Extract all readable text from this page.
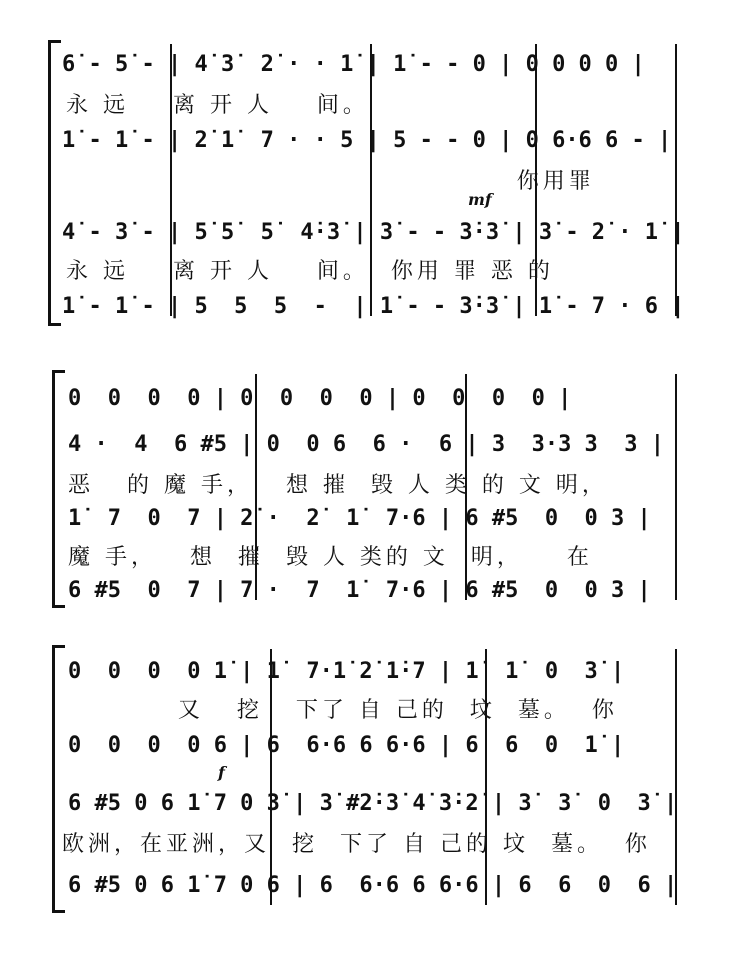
6̇ - 5̇ - | 4̇ 3̇  2̇ · · 1̇ | 1̇ - - 0 | 0 0 0 0 |
永 远    离 开 人    间。
1̇ - 1̇ - | 2̇ 1̇  7 · · 5 | 5 - - 0 | 0 6·6 6 - |
你用罪
mf
4̇ - 3̇ - | 5̇ 5̇  5̇  4̇·3̇ | 3̇ - - 3̇·3̇ | 3̇ - 2̇ · 1̇ |
永 远    离 开 人    间。  你用 罪 恶 的
1̇ - 1̇ - | 5  5  5  -  | 1̇ - - 3̇·3̇ | 1̇ - 7 · 6 |
0  0  0  0 | 0  0  0  0 | 0  0  0  0 |
4 ·  4  6 #5 | 0  0 6  6 ·  6 | 3  3·3 3  3 |
恶   的 魔 手，   想 摧  毁 人 类 的 文 明，
1̇  7  0  7 | 2̇ ·  2̇  1̇  7·6 | 6 #5  0  0 3 |
魔 手，   想  摧  毁 人 类的 文  明，    在
6 #5  0  7 | 7 ·  7  1̇  7·6 | 6 #5  0  0 3 |
0  0  0  0 1̇ | 1̇  7·1̇ 2̇ 1̇·7 | 1̇  1̇  0  3̇ |
又   挖   下了 自 己的  坟  墓。  你
0  0  0  0 6 | 6  6·6 6 6·6 | 6  6  0  1̇ |
f
6 #5 0 6 1̇ 7 0 3̇ | 3̇ #2̇·3̇ 4̇ 3̇·2̇ | 3̇  3̇  0  3̇ |
欧洲，在亚洲，又  挖  下了 自 己的 坟  墓。  你
6 #5 0 6 1̇ 7 0 6 | 6  6·6 6 6·6 | 6  6  0  6 |
